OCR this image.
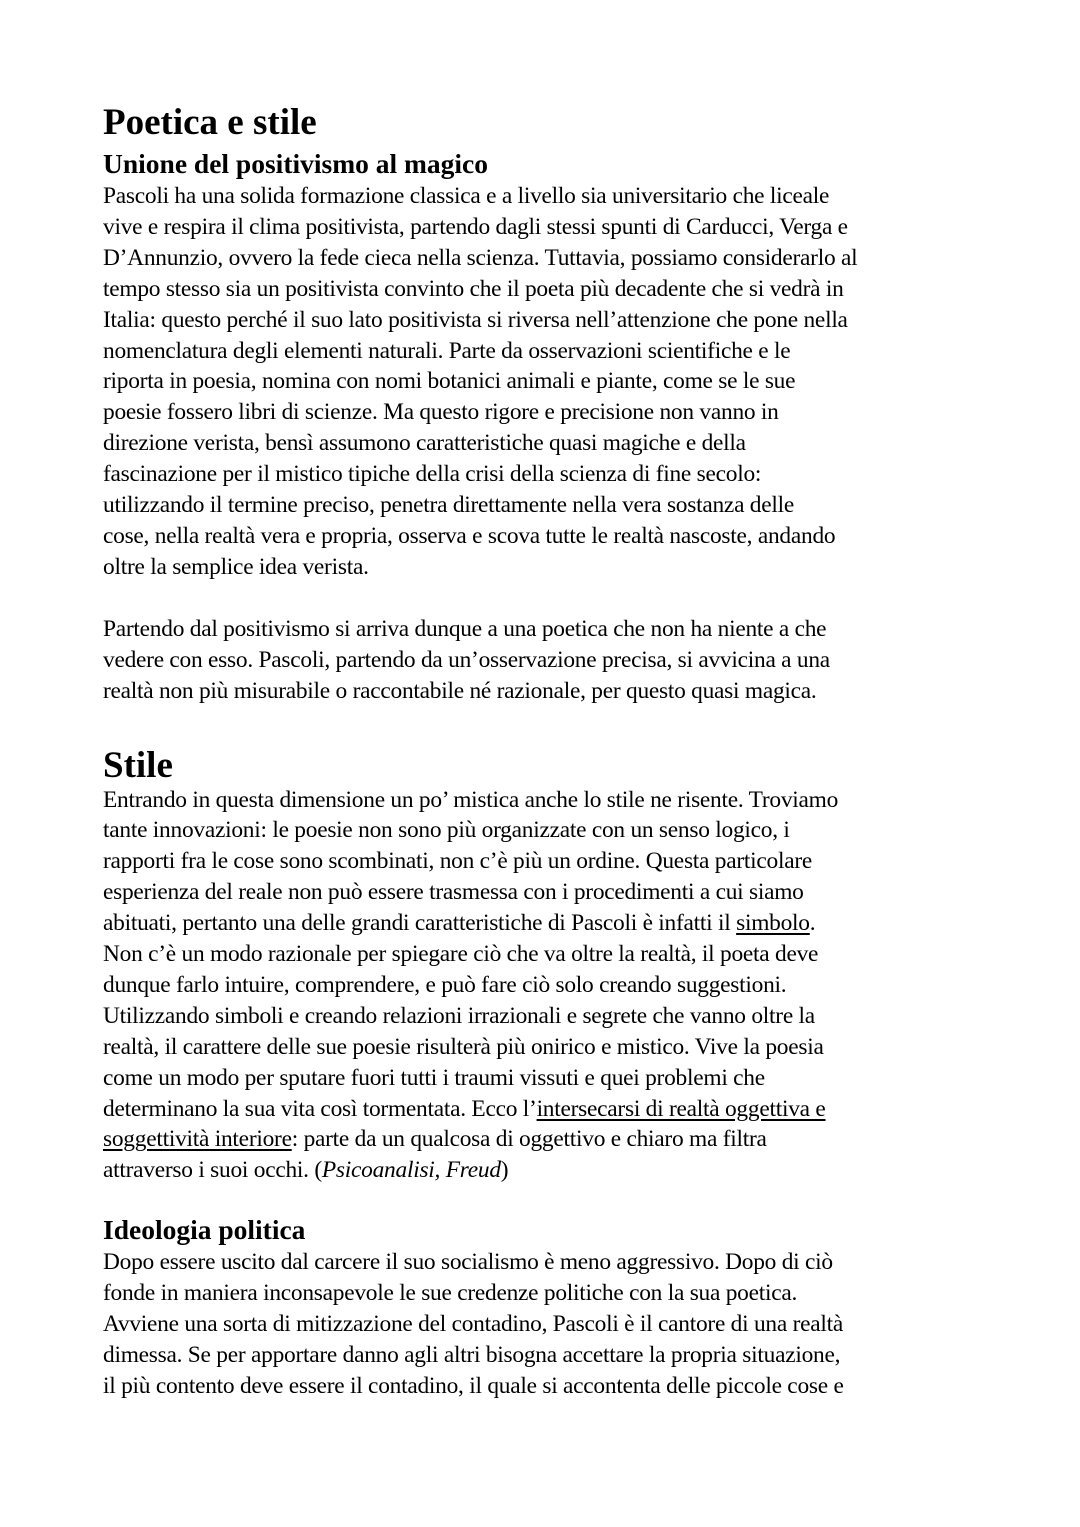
Poetica e stile
Unione del positivismo al magico

Pascoli ha una solida formazione classica e a livello sia universitario che liceale
vive e respira il clima positivista, partendo dagli stessi spunti di Carducci, Verga e
D’Annunzio, ovvero la fede cieca nella scienza. Tuttavia, possiamo considerarlo al
tempo stesso sia un positivista convinto che il poeta più decadente che si vedrà in
Italia: questo perché il suo lato positivista si riversa nell’attenzione che pone nella
nomenclatura degli elementi naturali. Parte da osservazioni scientifiche e le
riporta in poesia, nomina con nomi botanici animali e piante, come se le sue
poesie fossero libri di scienze. Ma questo rigore e precisione non vanno in
direzione verista, bensì assumono caratteristiche quasi magiche e della
fascinazione per il mistico tipiche della crisi della scienza di fine secolo:
utilizzando il termine preciso, penetra direttamente nella vera sostanza delle
cose, nella realtà vera e propria, osserva e scova tutte le realtà nascoste, andando
oltre la semplice idea verista.

Partendo dal positivismo si arriva dunque a una poetica che non ha niente a che
vedere con esso. Pascoli, partendo da un’osservazione precisa, si avvicina a una
realtà non più misurabile o raccontabile né razionale, per questo quasi magica.

Stile

Entrando in questa dimensione un po’ mistica anche lo stile ne risente. Troviamo
tante innovazioni: le poesie non sono più organizzate con un senso logico, i
rapporti fra le cose sono scombinati, non c’è più un ordine. Questa particolare
esperienza del reale non può essere trasmessa con i procedimenti a cui siamo
abituati, pertanto una delle grandi caratteristiche di Pascoli è infatti il simbolo.
Non c’è un modo razionale per spiegare ciò che va oltre la realtà, il poeta deve
dunque farlo intuire, comprendere, e può fare ciò solo creando suggestioni.
Utilizzando simboli e creando relazioni irrazionali e segrete che vanno oltre la
realtà, il carattere delle sue poesie risulterà più onirico e mistico. Vive la poesia
come un modo per sputare fuori tutti i traumi vissuti e quei problemi che
determinano la sua vita così tormentata. Ecco l’intersecarsi di realtà oggettiva e
soggettività interiore: parte da un qualcosa di oggettivo e chiaro ma filtra
attraverso i suoi occhi. (Psicoanalisi, Freud)

Ideologia politica

Dopo essere uscito dal carcere il suo socialismo è meno aggressivo. Dopo di ciò
fonde in maniera inconsapevole le sue credenze politiche con la sua poetica.
Avviene una sorta di mitizzazione del contadino, Pascoli è il cantore di una realtà
dimessa. Se per apportare danno agli altri bisogna accettare la propria situazione,
il più contento deve essere il contadino, il quale si accontenta delle piccole cose e
